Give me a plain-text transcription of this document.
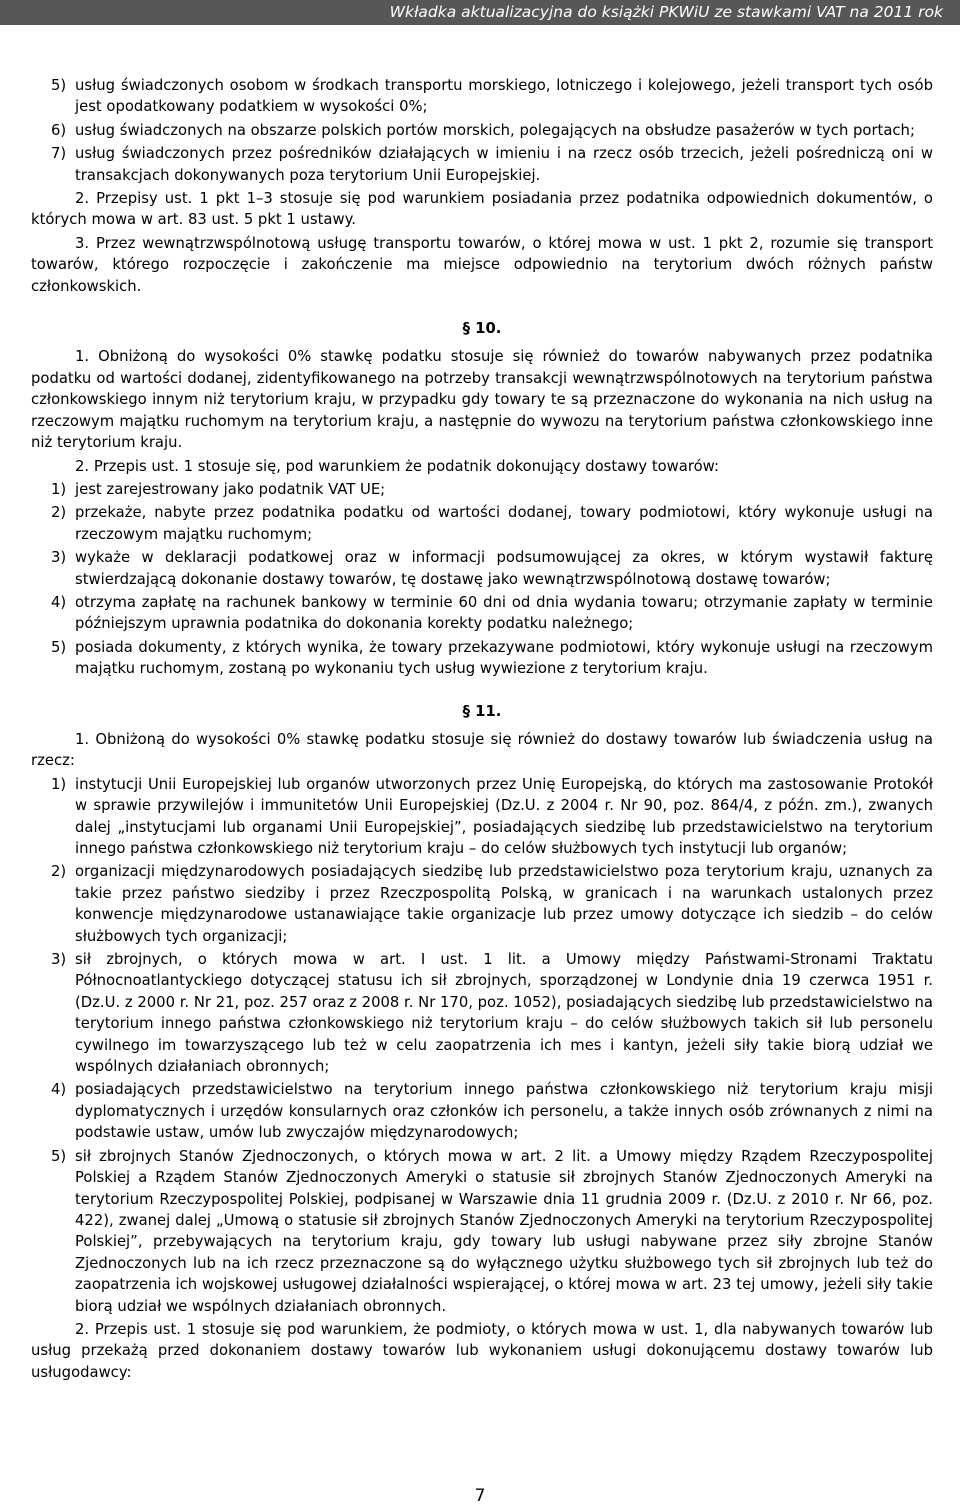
Wkładka aktualizacyjna do książki PKWiU ze stawkami VAT na 2011 rok
5) usług świadczonych osobom w środkach transportu morskiego, lotniczego i kolejowego, jeżeli transport tych osób jest opodatkowany podatkiem w wysokości 0%;
6) usług świadczonych na obszarze polskich portów morskich, polegających na obsłudze pasażerów w tych portach;
7) usług świadczonych przez pośredników działających w imieniu i na rzecz osób trzecich, jeżeli pośredniczą oni w transakcjach dokonywanych poza terytorium Unii Europejskiej.

2. Przepisy ust. 1 pkt 1–3 stosuje się pod warunkiem posiadania przez podatnika odpowiednich dokumentów, o których mowa w art. 83 ust. 5 pkt 1 ustawy.

3. Przez wewnątrzwspólnotową usługę transportu towarów, o której mowa w ust. 1 pkt 2, rozumie się transport towarów, którego rozpoczęcie i zakończenie ma miejsce odpowiednio na terytorium dwóch różnych państw członkowskich.

§ 10.

1. Obniżoną do wysokości 0% stawkę podatku stosuje się również do towarów nabywanych przez podatnika podatku od wartości dodanej, zidentyfikowanego na potrzeby transakcji wewnątrzwspólnotowych na terytorium państwa członkowskiego innym niż terytorium kraju, w przypadku gdy towary te są przeznaczone do wykonania na nich usług na rzeczowym majątku ruchomym na terytorium kraju, a następnie do wywozu na terytorium państwa członkowskiego inne niż terytorium kraju.

2. Przepis ust. 1 stosuje się, pod warunkiem że podatnik dokonujący dostawy towarów:

1) jest zarejestrowany jako podatnik VAT UE;
2) przekaże, nabyte przez podatnika podatku od wartości dodanej, towary podmiotowi, który wykonuje usługi na rzeczowym majątku ruchomym;
3) wykaże w deklaracji podatkowej oraz w informacji podsumowującej za okres, w którym wystawił fakturę stwierdzającą dokonanie dostawy towarów, tę dostawę jako wewnątrzwspólnotową dostawę towarów;
4) otrzyma zapłatę na rachunek bankowy w terminie 60 dni od dnia wydania towaru; otrzymanie zapłaty w terminie późniejszym uprawnia podatnika do dokonania korekty podatku należnego;
5) posiada dokumenty, z których wynika, że towary przekazywane podmiotowi, który wykonuje usługi na rzeczowym majątku ruchomym, zostaną po wykonaniu tych usług wywiezione z terytorium kraju.
§ 11.

1. Obniżoną do wysokości 0% stawkę podatku stosuje się również do dostawy towarów lub świadczenia usług na rzecz:

1) instytucji Unii Europejskiej lub organów utworzonych przez Unię Europejską, do których ma zastosowanie Protokół w sprawie przywilejów i immunitetów Unii Europejskiej (Dz.U. z 2004 r. Nr 90, poz. 864/4, z późn. zm.), zwanych dalej „instytucjami lub organami Unii Europejskiej”, posiadających siedzibę lub przedstawicielstwo na terytorium innego państwa członkowskiego niż terytorium kraju – do celów służbowych tych instytucji lub organów;
2) organizacji międzynarodowych posiadających siedzibę lub przedstawicielstwo poza terytorium kraju, uznanych za takie przez państwo siedziby i przez Rzeczpospolitą Polską, w granicach i na warunkach ustalonych przez konwencje międzynarodowe ustanawiające takie organizacje lub przez umowy dotyczące ich siedzib – do celów służbowych tych organizacji;
3) sił zbrojnych, o których mowa w art. I ust. 1 lit. a Umowy między Państwami-Stronami Traktatu Północnoatlantyckiego dotyczącej statusu ich sił zbrojnych, sporządzonej w Londynie dnia 19 czerwca 1951 r. (Dz.U. z 2000 r. Nr 21, poz. 257 oraz z 2008 r. Nr 170, poz. 1052), posiadających siedzibę lub przedstawicielstwo na terytorium innego państwa członkowskiego niż terytorium kraju – do celów służbowych takich sił lub personelu cywilnego im towarzyszącego lub też w celu zaopatrzenia ich mes i kantyn, jeżeli siły takie biorą udział we wspólnych działaniach obronnych;
4) posiadających przedstawicielstwo na terytorium innego państwa członkowskiego niż terytorium kraju misji dyplomatycznych i urzędów konsularnych oraz członków ich personelu, a także innych osób zrównanych z nimi na podstawie ustaw, umów lub zwyczajów międzynarodowych;
5) sił zbrojnych Stanów Zjednoczonych, o których mowa w art. 2 lit. a Umowy między Rządem Rzeczypospolitej Polskiej a Rządem Stanów Zjednoczonych Ameryki o statusie sił zbrojnych Stanów Zjednoczonych Ameryki na terytorium Rzeczypospolitej Polskiej, podpisanej w Warszawie dnia 11 grudnia 2009 r. (Dz.U. z 2010 r. Nr 66, poz. 422), zwanej dalej „Umową o statusie sił zbrojnych Stanów Zjednoczonych Ameryki na terytorium Rzeczypospolitej Polskiej”, przebywających na terytorium kraju, gdy towary lub usługi nabywane przez siły zbrojne Stanów Zjednoczonych lub na ich rzecz przeznaczone są do wyłącznego użytku służbowego tych sił zbrojnych lub też do zaopatrzenia ich wojskowej usługowej działalności wspierającej, o której mowa w art. 23 tej umowy, jeżeli siły takie biorą udział we wspólnych działaniach obronnych.

2. Przepis ust. 1 stosuje się pod warunkiem, że podmioty, o których mowa w ust. 1, dla nabywanych towarów lub usług przekażą przed dokonaniem dostawy towarów lub wykonaniem usługi dokonującemu dostawy towarów lub usługodawcy:

7
